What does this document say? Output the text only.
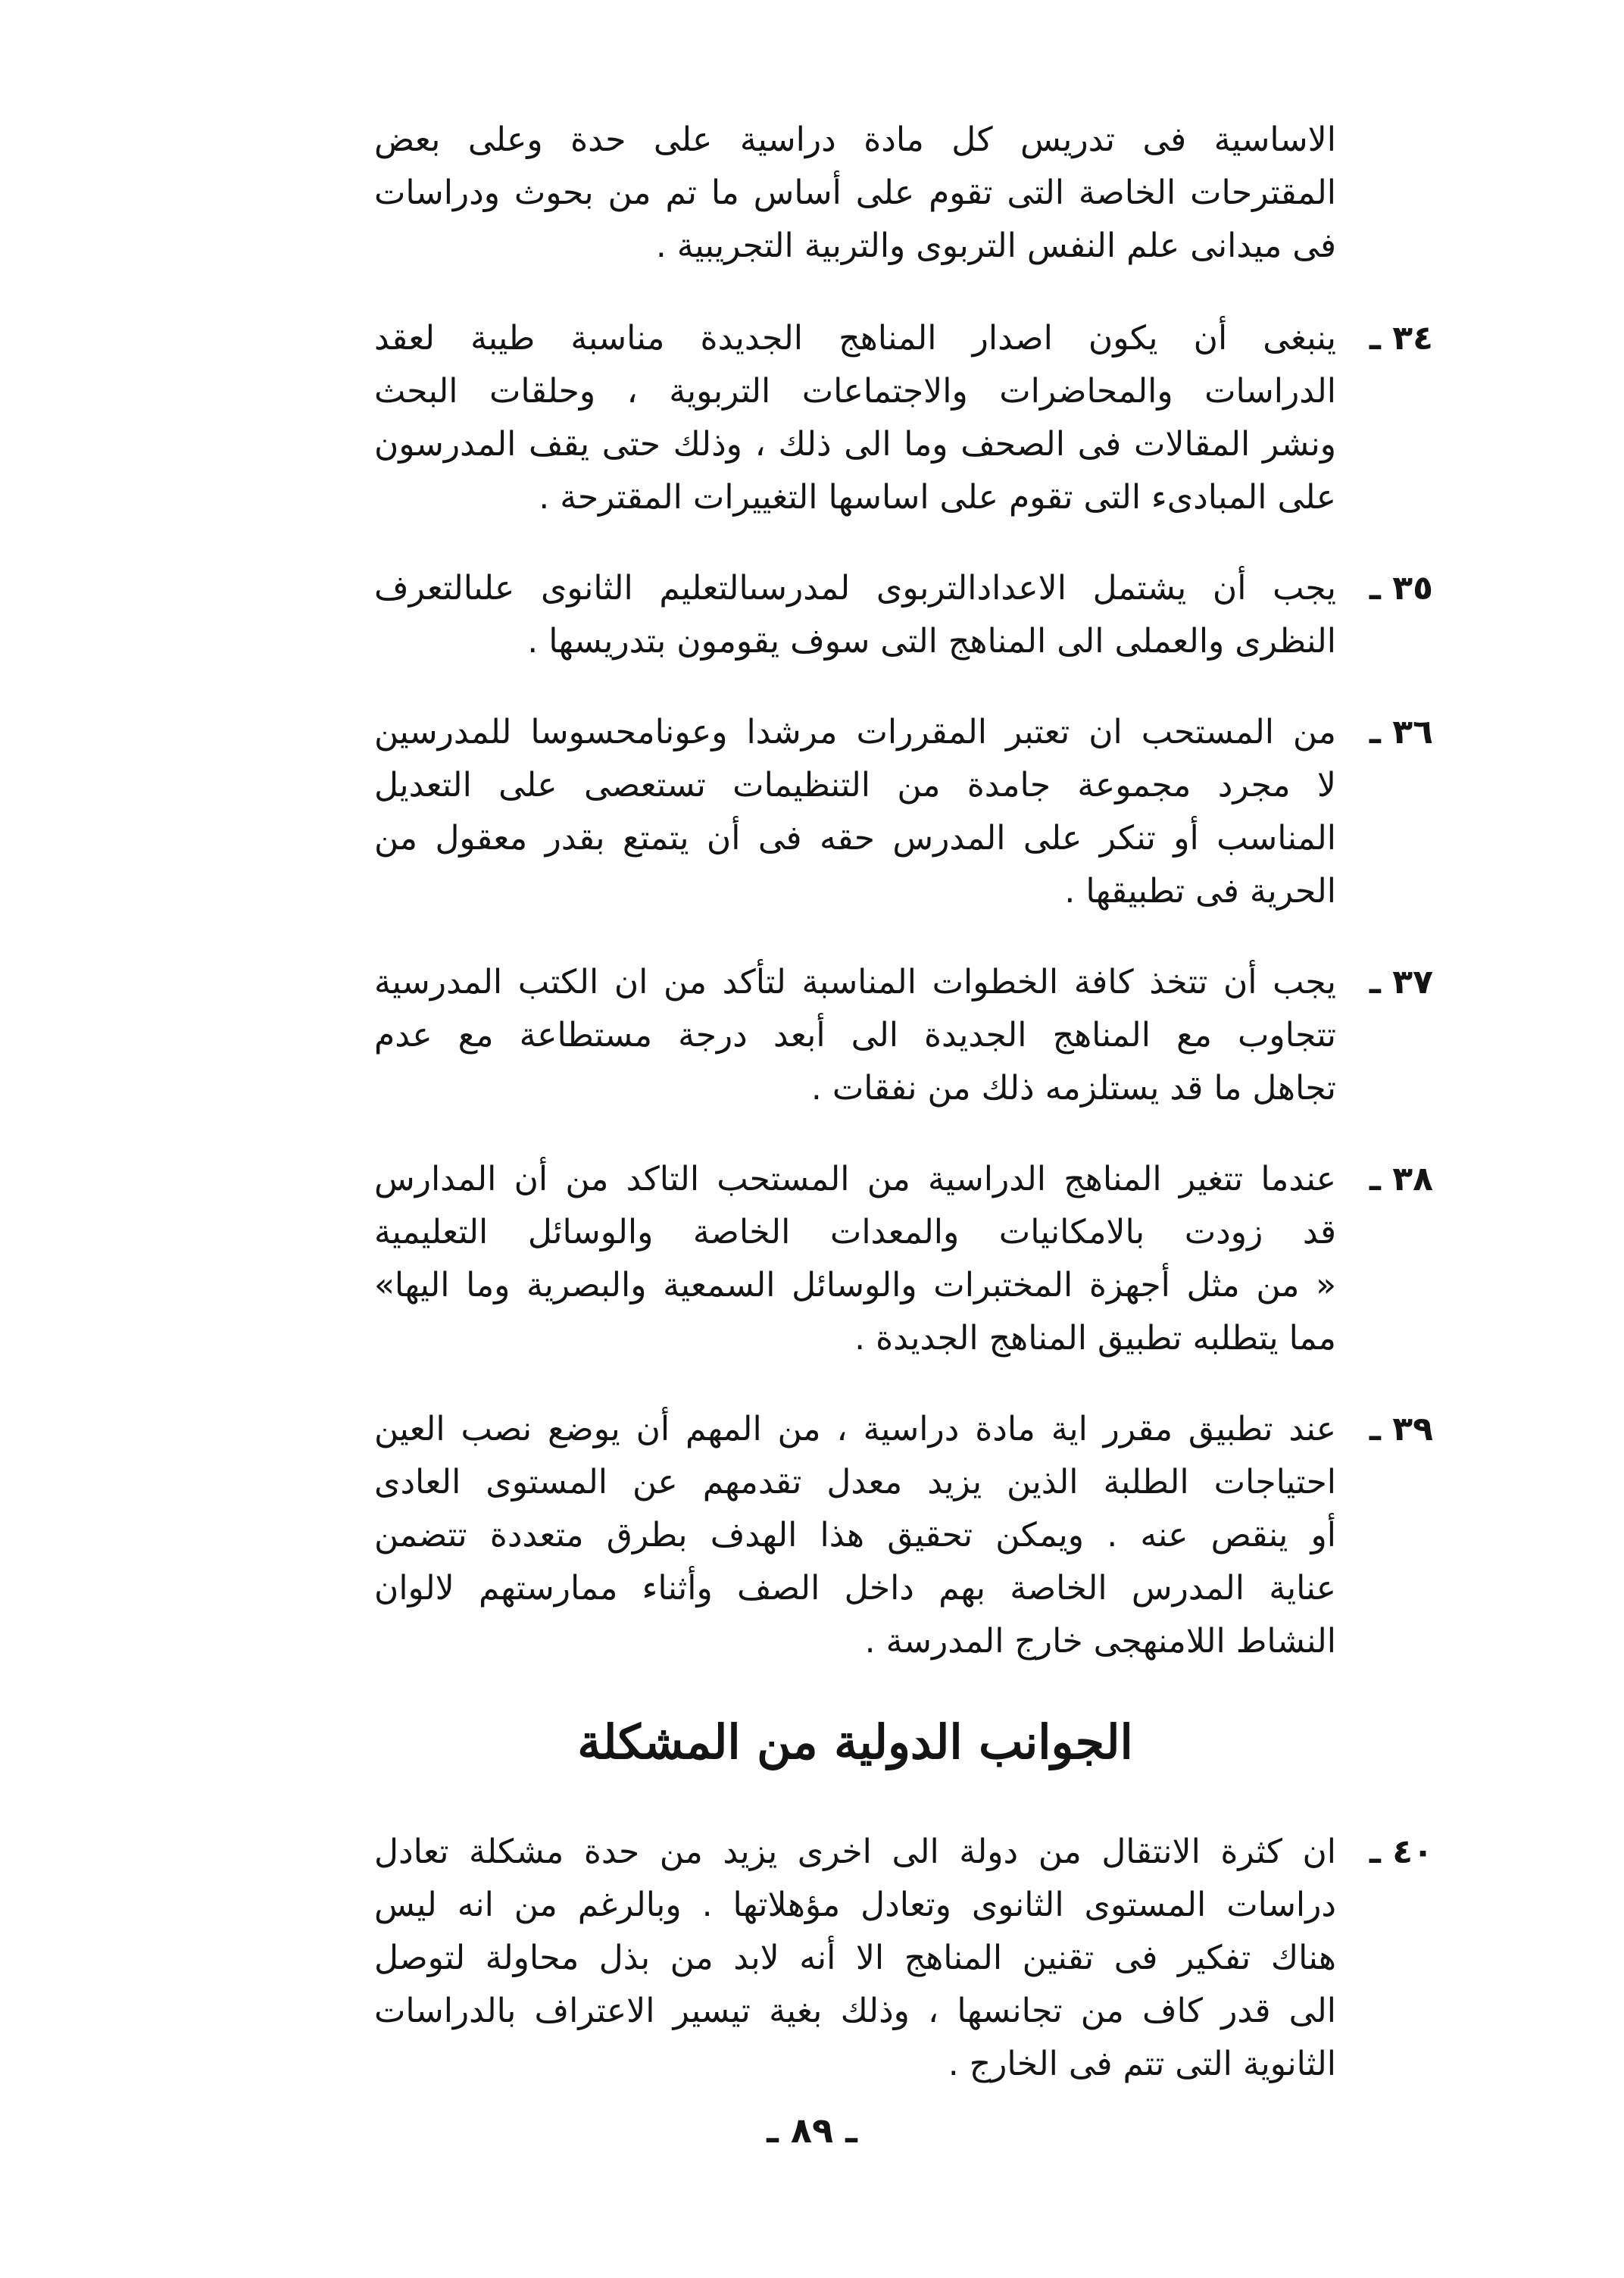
الاساسية فى تدريس كل مادة دراسية على حدة وعلى بعض
المقترحات الخاصة التى تقوم على أساس ما تم من بحوث ودراسات
فى ميدانى علم النفس التربوى والتربية التجريبية .
٣٤ ـ
ينبغى أن يكون اصدار المناهج الجديدة مناسبة طيبة لعقد
الدراسات والمحاضرات والاجتماعات التربوية ، وحلقات البحث
ونشر المقالات فى الصحف وما الى ذلك ، وذلك حتى يقف المدرسون
على المبادىء التى تقوم على اساسها التغييرات المقترحة .
٣٥ ـ
يجب أن يشتمل الاعدادالتربوى لمدرسىالتعليم الثانوى علىالتعرف
النظرى والعملى الى المناهج التى سوف يقومون بتدريسها .
٣٦ ـ
من المستحب ان تعتبر المقررات مرشدا وعونامحسوسا للمدرسين
لا مجرد مجموعة جامدة من التنظيمات تستعصى على التعديل
المناسب أو تنكر على المدرس حقه فى أن يتمتع بقدر معقول من
الحرية فى تطبيقها .
٣٧ ـ
يجب أن تتخذ كافة الخطوات المناسبة لتأكد من ان الكتب المدرسية
تتجاوب مع المناهج الجديدة الى أبعد درجة مستطاعة مع عدم
تجاهل ما قد يستلزمه ذلك من نفقات .
٣٨ ـ
عندما تتغير المناهج الدراسية من المستحب التاكد من أن المدارس
قد زودت بالامكانيات والمعدات الخاصة والوسائل التعليمية
« من مثل أجهزة المختبرات والوسائل السمعية والبصرية وما اليها»
مما يتطلبه تطبيق المناهج الجديدة .
٣٩ ـ
عند تطبيق مقرر اية مادة دراسية ، من المهم أن يوضع نصب العين
احتياجات الطلبة الذين يزيد معدل تقدمهم عن المستوى العادى
أو ينقص عنه . ويمكن تحقيق هذا الهدف بطرق متعددة تتضمن
عناية المدرس الخاصة بهم داخل الصف وأثناء ممارستهم لالوان
النشاط اللامنهجى خارج المدرسة .
الجوانب الدولية من المشكلة
٤٠ ـ
ان كثرة الانتقال من دولة الى اخرى يزيد من حدة مشكلة تعادل
دراسات المستوى الثانوى وتعادل مؤهلاتها . وبالرغم من انه ليس
هناك تفكير فى تقنين المناهج الا أنه لابد من بذل محاولة لتوصل
الى قدر كاف من تجانسها ، وذلك بغية تيسير الاعتراف بالدراسات
الثانوية التى تتم فى الخارج .
ـ ٨٩ ـ
